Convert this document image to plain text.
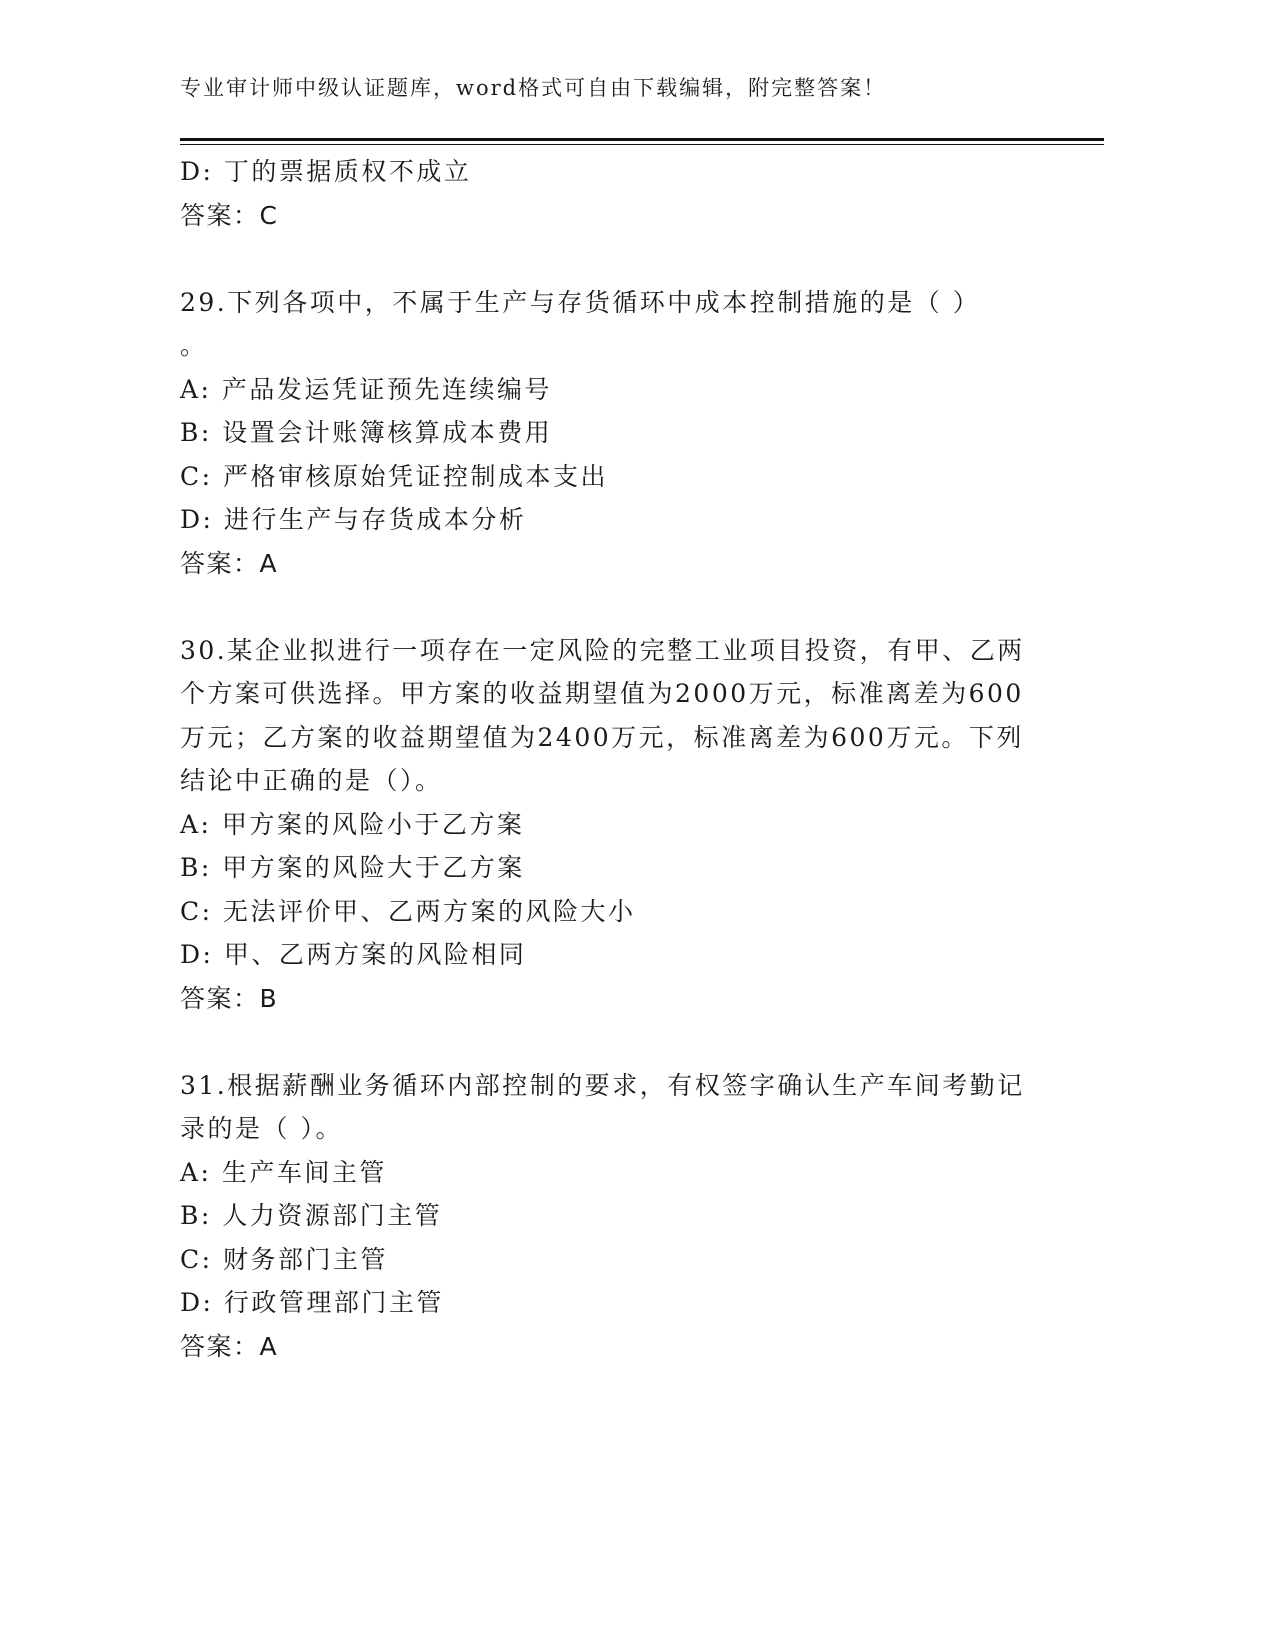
专业审计师中级认证题库，word格式可自由下载编辑，附完整答案！

D: 丁的票据质权不成立

答案：C

29.下列各项中，不属于生产与存货循环中成本控制措施的是（ ）

。

A: 产品发运凭证预先连续编号

B: 设置会计账簿核算成本费用

C: 严格审核原始凭证控制成本支出

D: 进行生产与存货成本分析

答案：A

30.某企业拟进行一项存在一定风险的完整工业项目投资，有甲、乙两

个方案可供选择。甲方案的收益期望值为2000万元，标准离差为600

万元；乙方案的收益期望值为2400万元，标准离差为600万元。下列

结论中正确的是（）。

A: 甲方案的风险小于乙方案

B: 甲方案的风险大于乙方案

C: 无法评价甲、乙两方案的风险大小

D: 甲、乙两方案的风险相同

答案：B

31.根据薪酬业务循环内部控制的要求，有权签字确认生产车间考勤记

录的是（ ）。

A: 生产车间主管

B: 人力资源部门主管

C: 财务部门主管

D: 行政管理部门主管

答案：A
